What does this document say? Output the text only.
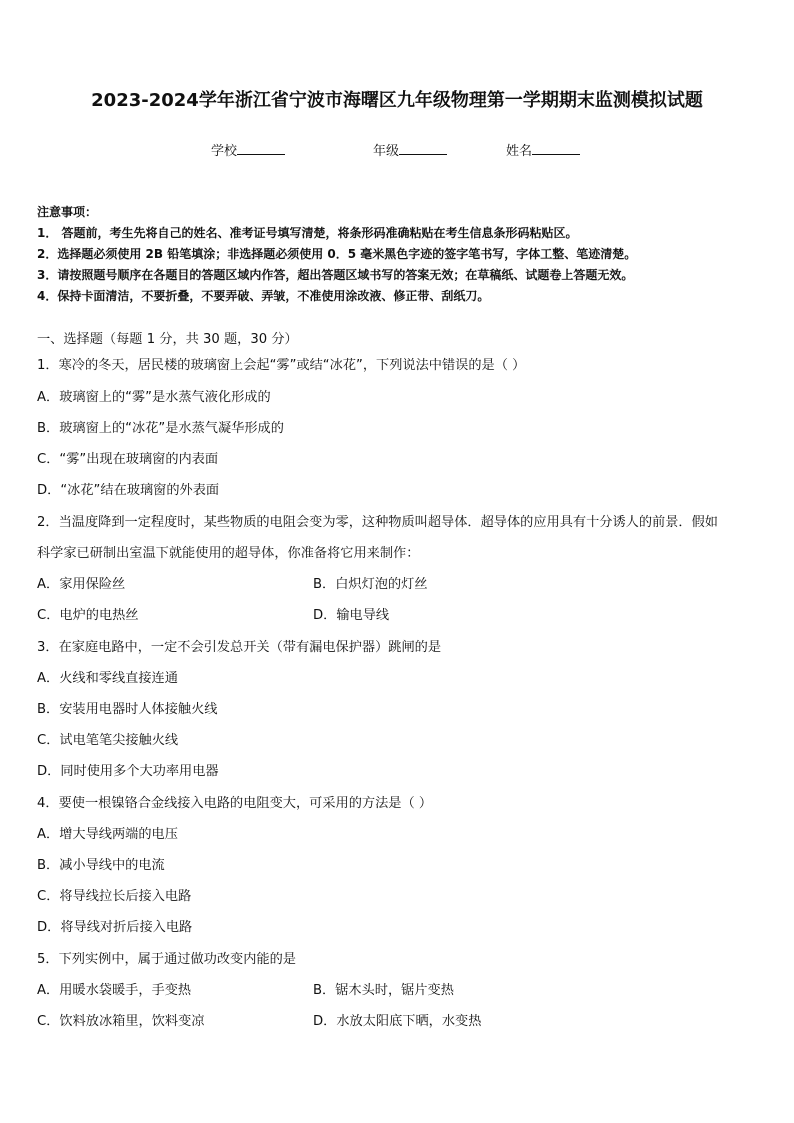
2023-2024学年浙江省宁波市海曙区九年级物理第一学期期末监测模拟试题
学校	年级	姓名
注意事项：
1． 答题前，考生先将自己的姓名、准考证号填写清楚，将条形码准确粘贴在考生信息条形码粘贴区。
2．选择题必须使用 2B 铅笔填涂；非选择题必须使用 0．5 毫米黑色字迹的签字笔书写，字体工整、笔迹清楚。
3．请按照题号顺序在各题目的答题区域内作答，超出答题区域书写的答案无效；在草稿纸、试题卷上答题无效。
4．保持卡面清洁，不要折叠，不要弄破、弄皱，不准使用涂改液、修正带、刮纸刀。
一、选择题（每题 1 分，共 30 题，30 分）
1．寒冷的冬天，居民楼的玻璃窗上会起“雾”或结“冰花”，下列说法中错误的是（ ）
A．玻璃窗上的“雾”是水蒸气液化形成的
B．玻璃窗上的“冰花”是水蒸气凝华形成的
C．“雾”出现在玻璃窗的内表面
D．“冰花”结在玻璃窗的外表面
2．当温度降到一定程度时，某些物质的电阻会变为零，这种物质叫超导体．超导体的应用具有十分诱人的前景．假如
科学家已研制出室温下就能使用的超导体，你准备将它用来制作：
A．家用保险丝	B．白炽灯泡的灯丝
C．电炉的电热丝	D．输电导线
3．在家庭电路中，一定不会引发总开关（带有漏电保护器）跳闸的是
A．火线和零线直接连通
B．安装用电器时人体接触火线
C．试电笔笔尖接触火线
D．同时使用多个大功率用电器
4．要使一根镍铬合金线接入电路的电阻变大，可采用的方法是（ ）
A．增大导线两端的电压
B．减小导线中的电流
C．将导线拉长后接入电路
D．将导线对折后接入电路
5．下列实例中，属于通过做功改变内能的是
A．用暖水袋暖手，手变热	B．锯木头时，锯片变热
C．饮料放冰箱里，饮料变凉	D．水放太阳底下晒，水变热
